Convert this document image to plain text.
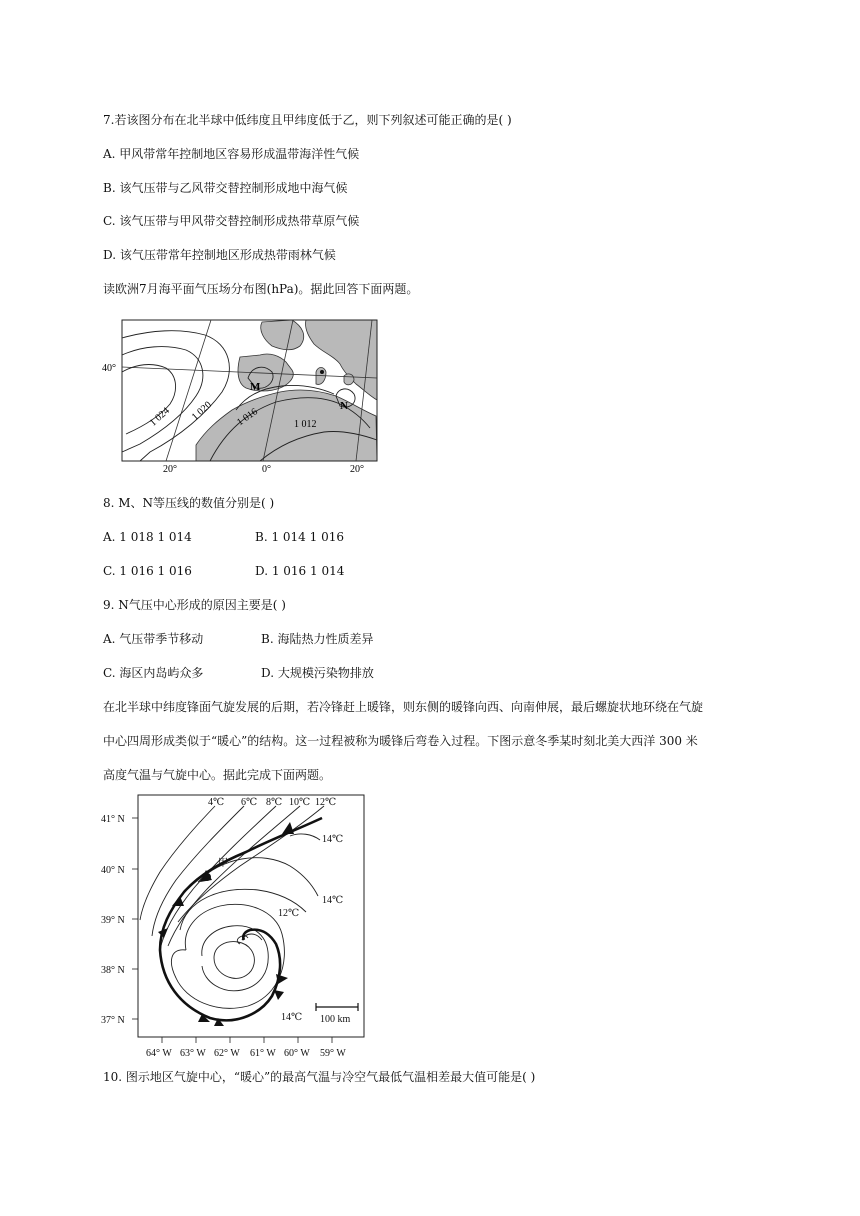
7.若该图分布在北半球中低纬度且甲纬度低于乙，则下列叙述可能正确的是( )
A. 甲风带常年控制地区容易形成温带海洋性气候
B. 该气压带与乙风带交替控制形成地中海气候
C. 该气压带与甲风带交替控制形成热带草原气候
D. 该气压带常年控制地区形成热带雨林气候
读欧洲7月海平面气压场分布图(hPa)。据此回答下面两题。
40°
20°	0°	20°
1 024 1 020 1 016	1 012
M
N
8. M、N等压线的数值分别是( )
A. 1 018 1 014	B. 1 014 1 016
C. 1 016 1 016	D. 1 016 1 014
9. N气压中心形成的原因主要是( )
A. 气压带季节移动	B. 海陆热力性质差异
C. 海区内岛屿众多	D. 大规模污染物排放
在北半球中纬度锋面气旋发展的后期，若冷锋赶上暖锋，则东侧的暖锋向西、向南伸展，最后螺旋状地环绕在气旋
中心四周形成类似于“暖心”的结构。这一过程被称为暖锋后弯卷入过程。下图示意冬季某时刻北美大西洋 300 米
高度气温与气旋中心。据此完成下面两题。
41° N
40° N
39° N
38° N
37° N
64° W 63° W 62° W 61° W 60° W 59° W
4℃ 6℃ 8℃ 10℃ 12℃
14℃
14℃
12℃
14℃
甲
100 km
10. 图示地区气旋中心，“暖心”的最高气温与冷空气最低气温相差最大值可能是( )
